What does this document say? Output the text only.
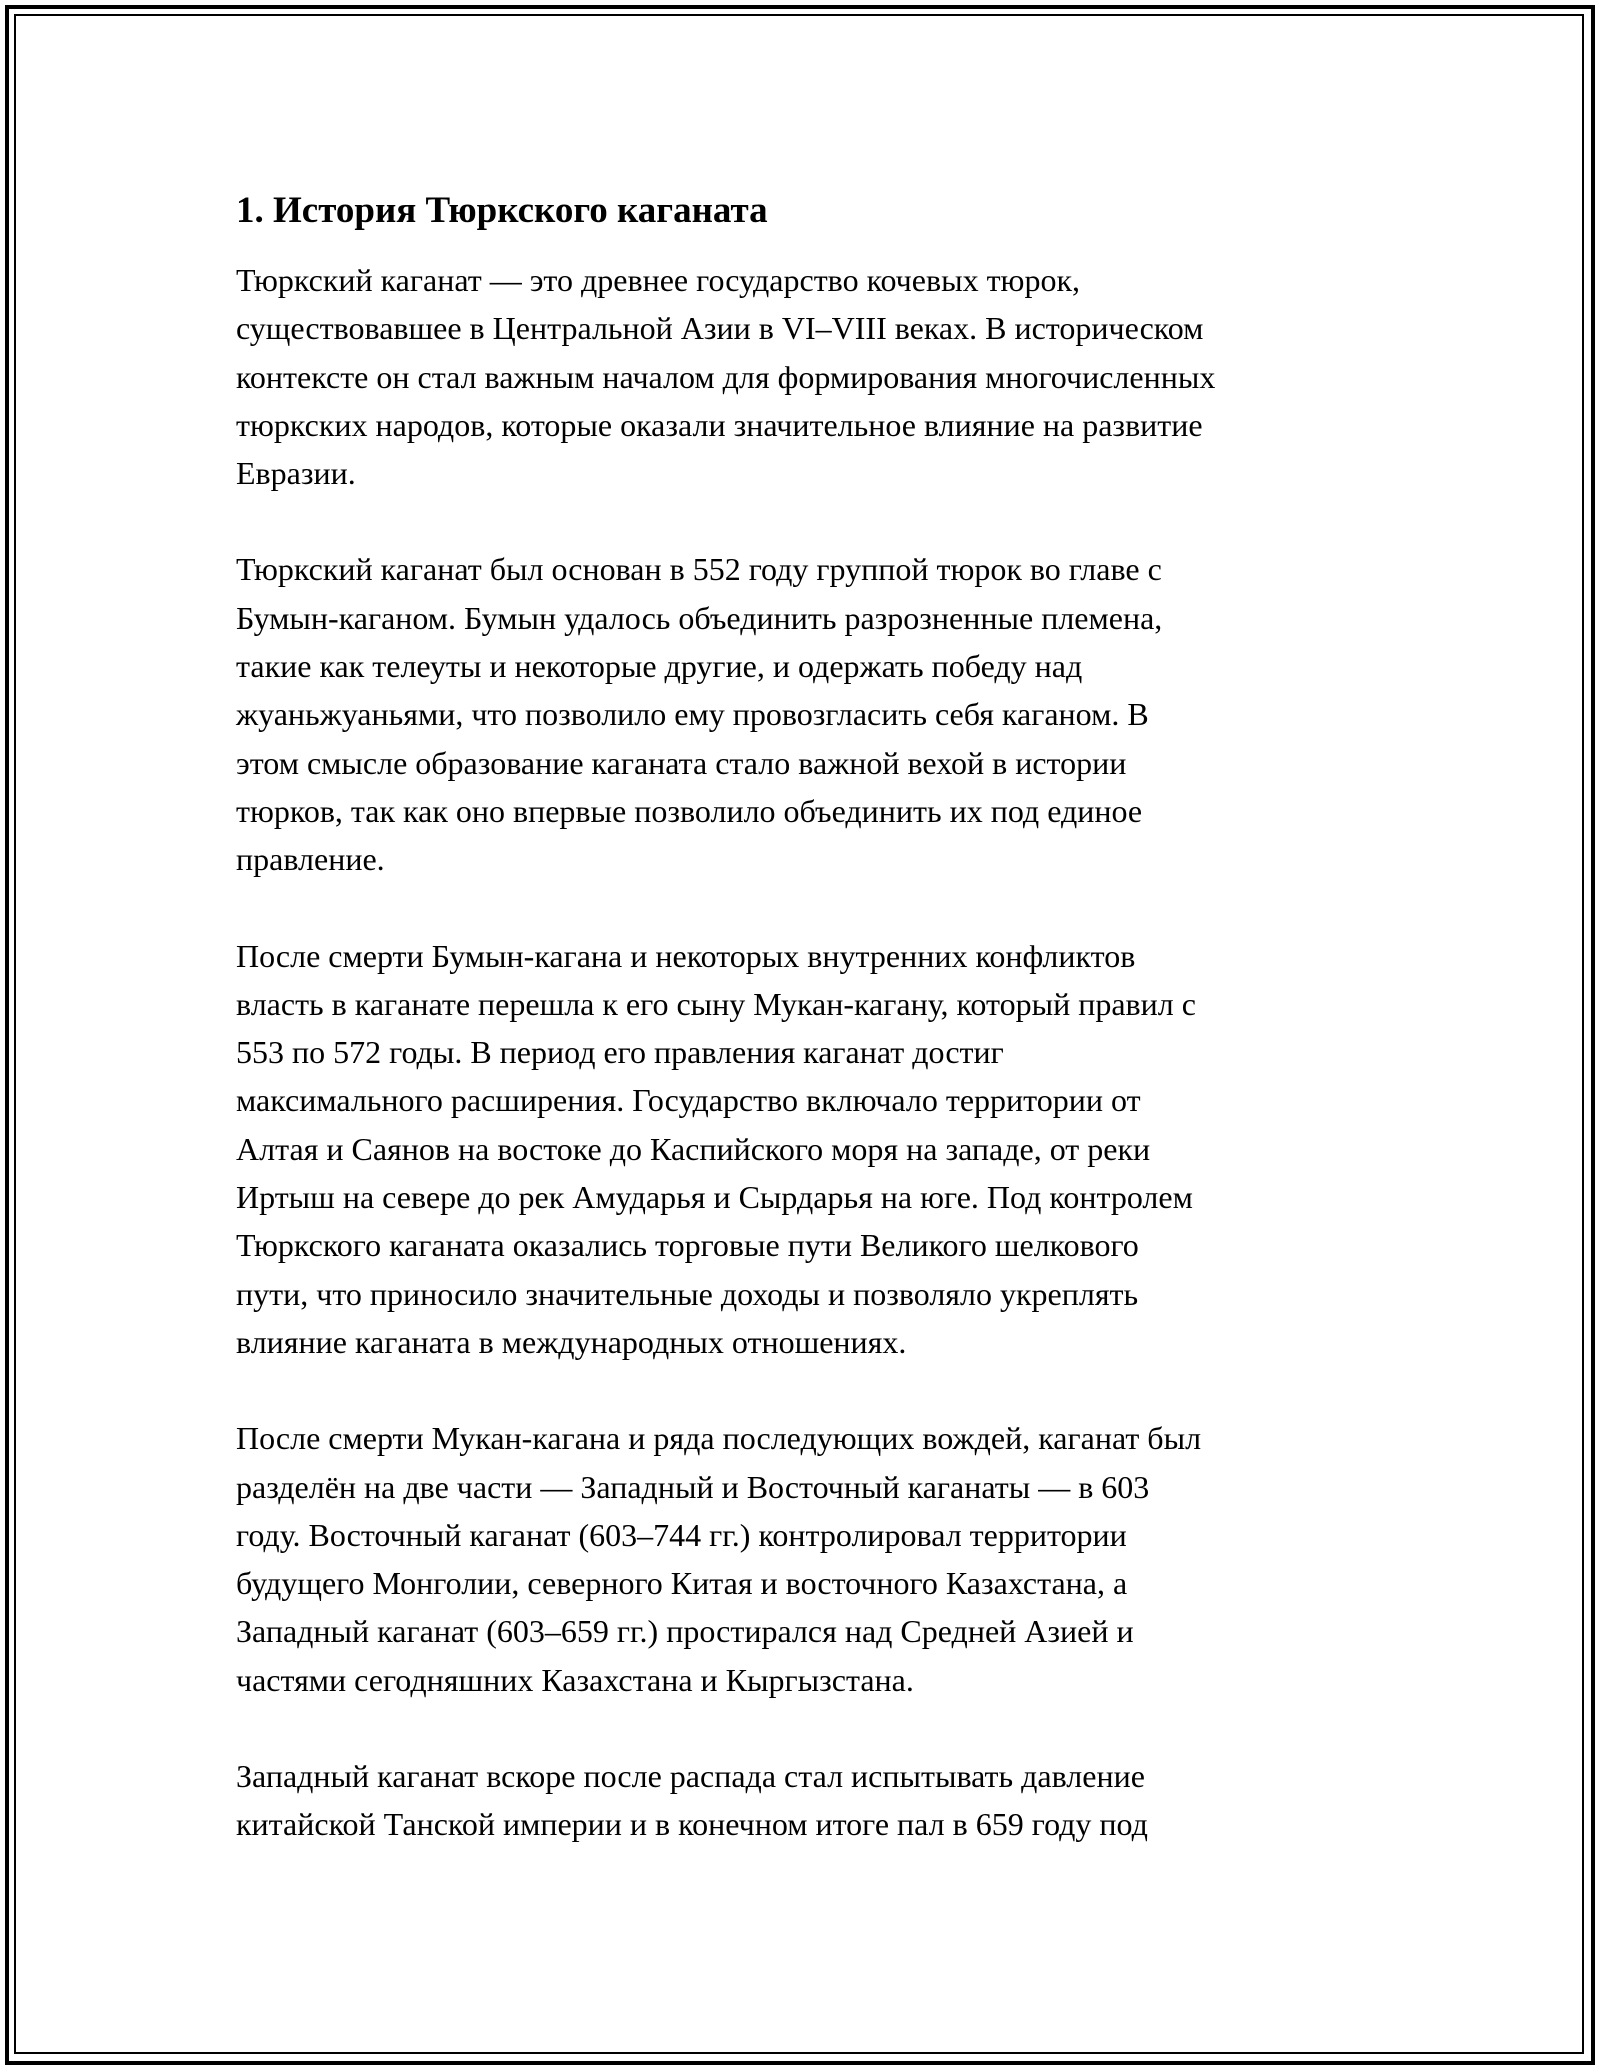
1. История Тюркского каганата

Тюркский каганат — это древнее государство кочевых тюрок,
существовавшее в Центральной Азии в VI–VIII веках. В историческом
контексте он стал важным началом для формирования многочисленных
тюркских народов, которые оказали значительное влияние на развитие
Евразии.

Тюркский каганат был основан в 552 году группой тюрок во главе с
Бумын-каганом. Бумын удалось объединить разрозненные племена,
такие как телеуты и некоторые другие, и одержать победу над
жуаньжуаньями, что позволило ему провозгласить себя каганом. В
этом смысле образование каганата стало важной вехой в истории
тюрков, так как оно впервые позволило объединить их под единое
правление.

После смерти Бумын-кагана и некоторых внутренних конфликтов
власть в каганате перешла к его сыну Мукан-кагану, который правил с
553 по 572 годы. В период его правления каганат достиг
максимального расширения. Государство включало территории от
Алтая и Саянов на востоке до Каспийского моря на западе, от реки
Иртыш на севере до рек Амударья и Сырдарья на юге. Под контролем
Тюркского каганата оказались торговые пути Великого шелкового
пути, что приносило значительные доходы и позволяло укреплять
влияние каганата в международных отношениях.

После смерти Мукан-кагана и ряда последующих вождей, каганат был
разделён на две части — Западный и Восточный каганаты — в 603
году. Восточный каганат (603–744 гг.) контролировал территории
будущего Монголии, северного Китая и восточного Казахстана, а
Западный каганат (603–659 гг.) простирался над Средней Азией и
частями сегодняшних Казахстана и Кыргызстана.

Западный каганат вскоре после распада стал испытывать давление
китайской Танской империи и в конечном итоге пал в 659 году под
